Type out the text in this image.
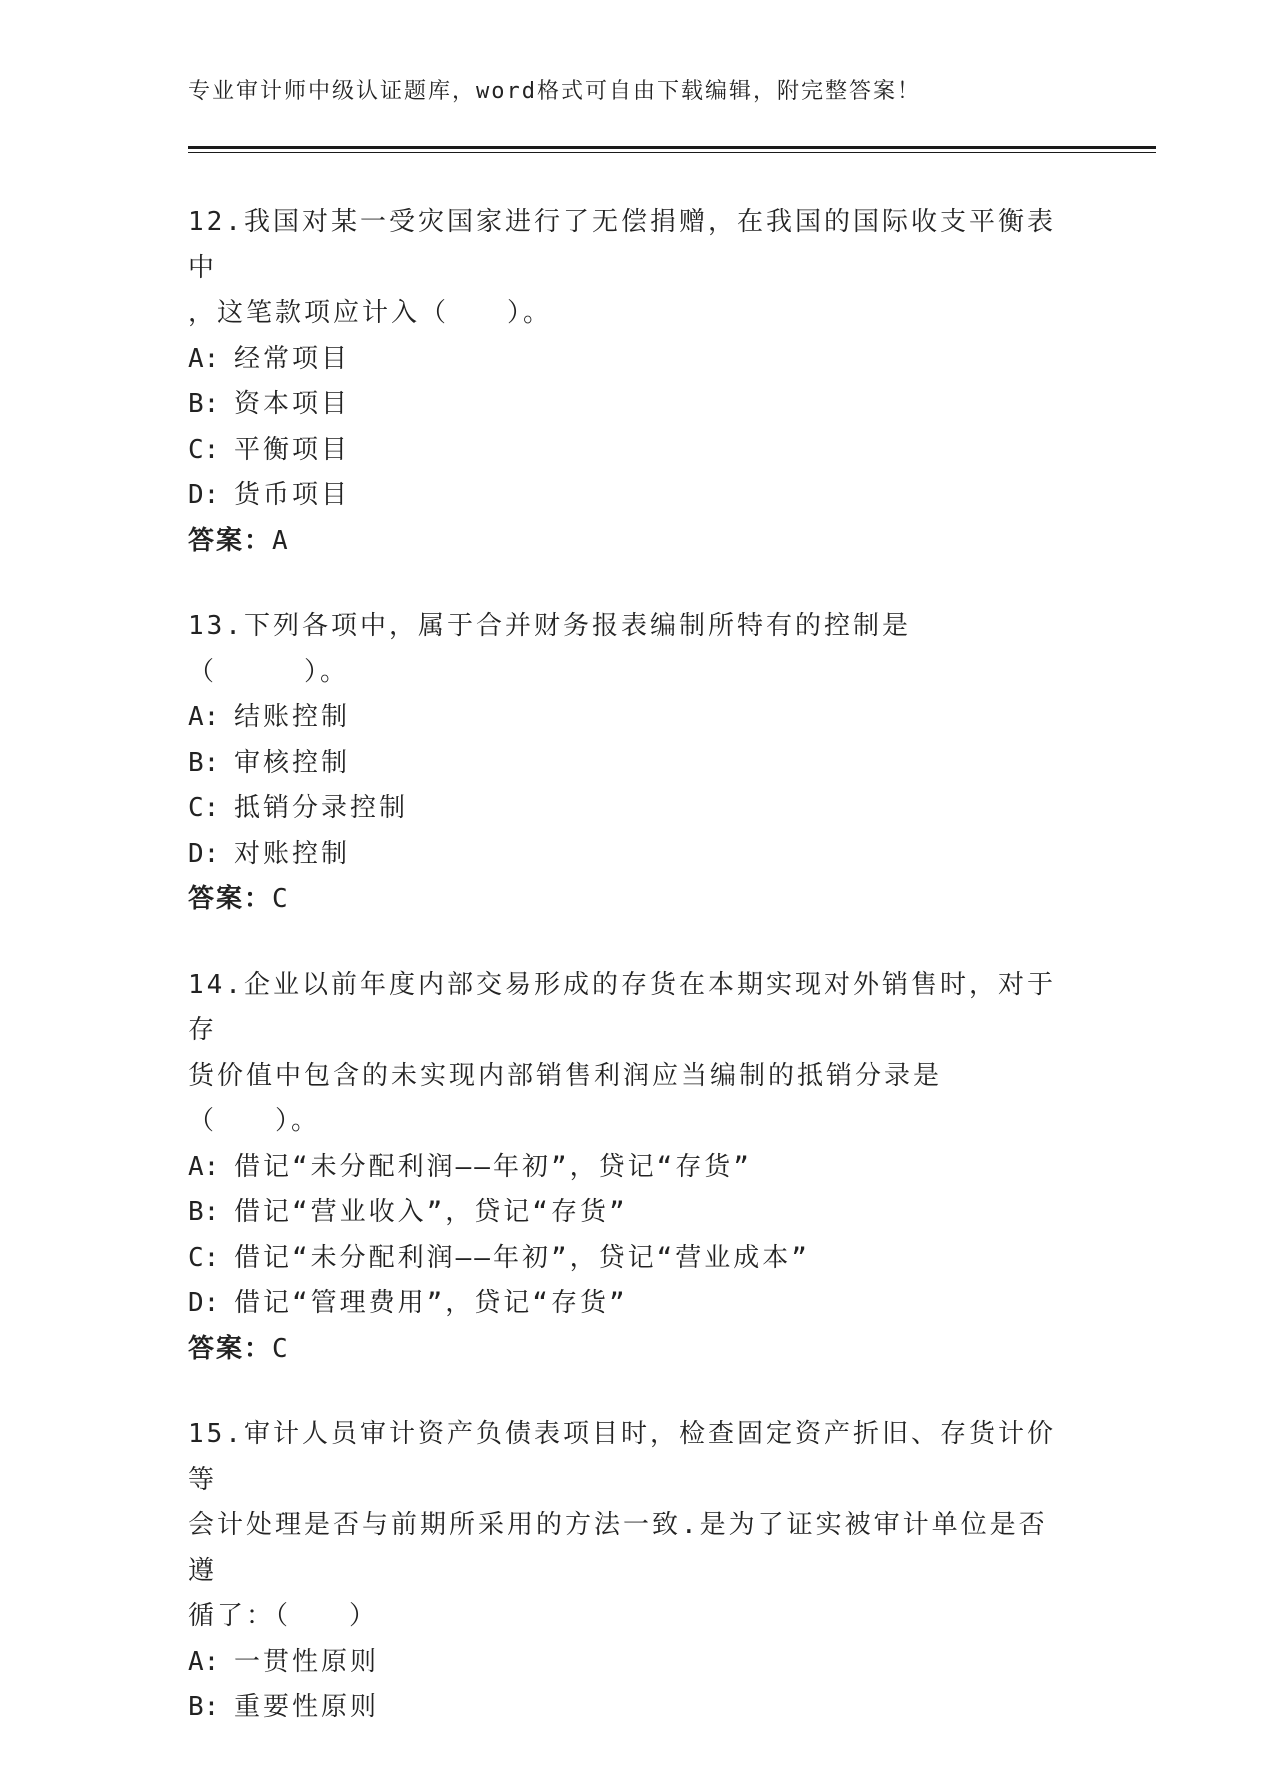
专业审计师中级认证题库，word格式可自由下载编辑，附完整答案！
12.我国对某一受灾国家进行了无偿捐赠，在我国的国际收支平衡表中
，这笔款项应计入（　　）。
A: 经常项目
B: 资本项目
C: 平衡项目
D: 货币项目
答案：A
13.下列各项中，属于合并财务报表编制所特有的控制是（　　　）。
A: 结账控制
B: 审核控制
C: 抵销分录控制
D: 对账控制
答案：C
14.企业以前年度内部交易形成的存货在本期实现对外销售时，对于存
货价值中包含的未实现内部销售利润应当编制的抵销分录是（　　）。
A: 借记“未分配利润——年初”，贷记“存货”
B: 借记“营业收入”，贷记“存货”
C: 借记“未分配利润——年初”，贷记“营业成本”
D: 借记“管理费用”，贷记“存货”
答案：C
15.审计人员审计资产负债表项目时，检查固定资产折旧、存货计价等
会计处理是否与前期所采用的方法一致.是为了证实被审计单位是否遵
循了：（　　）
A: 一贯性原则
B: 重要性原则
